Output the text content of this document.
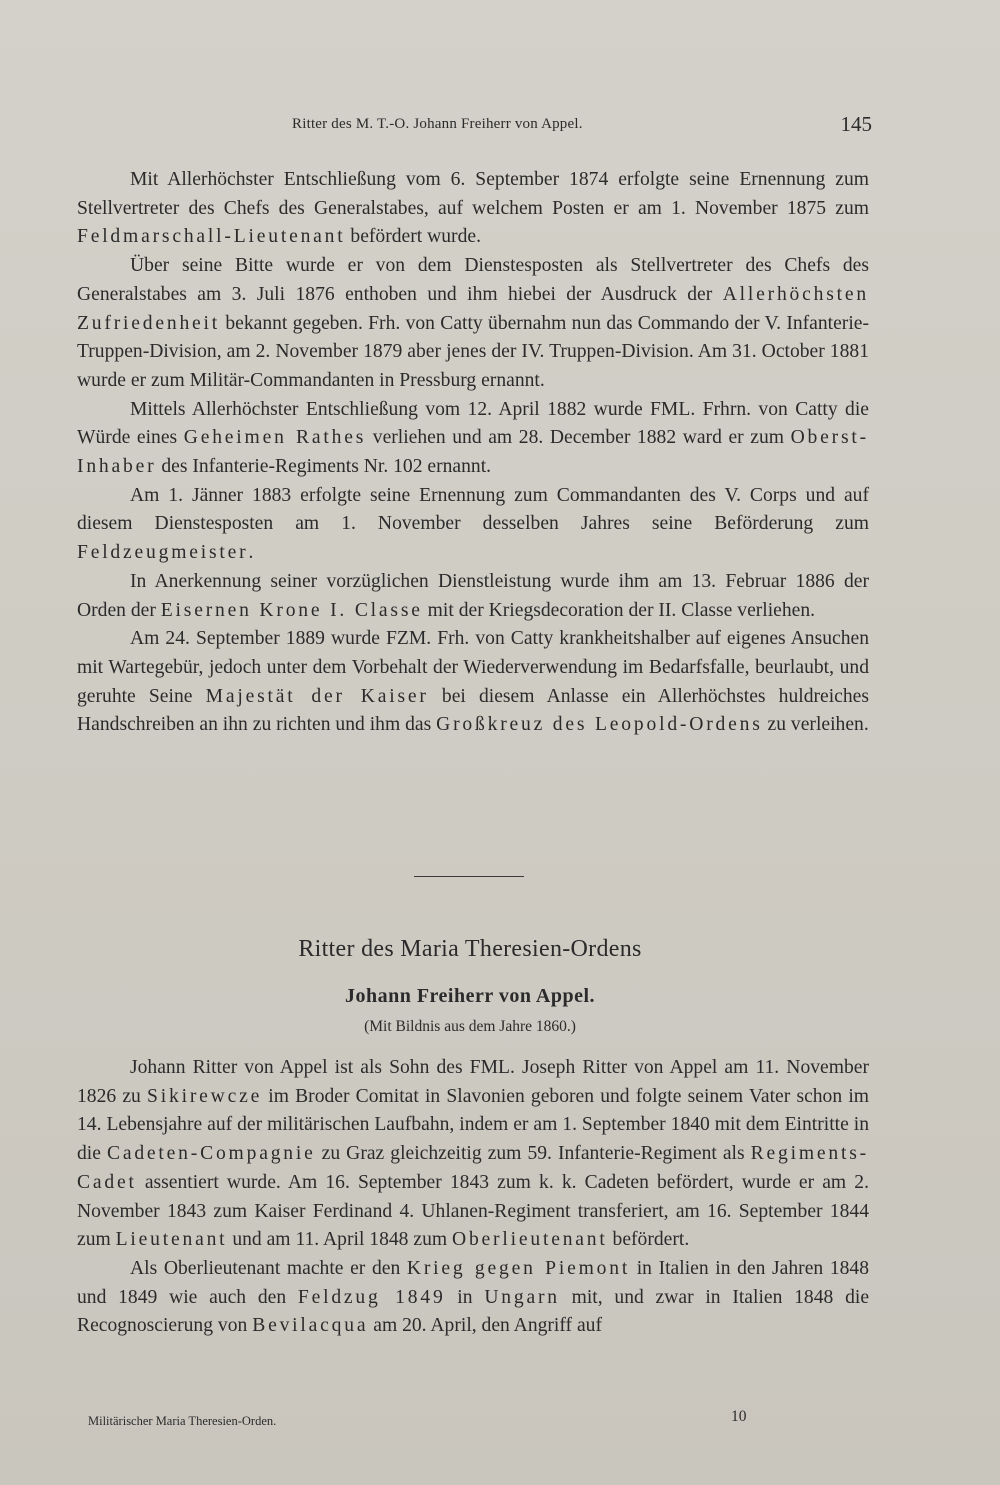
Ritter des M. T.-O. Johann Freiherr von Appel.	145
Mit Allerhöchster Entschließung vom 6. September 1874 erfolgte seine Ernennung zum Stellvertreter des Chefs des Generalstabes, auf welchem Posten er am 1. November 1875 zum Feldmarschall-Lieutenant befördert wurde.
Über seine Bitte wurde er von dem Dienstesposten als Stellvertreter des Chefs des Generalstabes am 3. Juli 1876 enthoben und ihm hiebei der Ausdruck der Allerhöchsten Zufriedenheit bekannt gegeben. Frh. von Catty übernahm nun das Commando der V. Infanterie-Truppen-Division, am 2. November 1879 aber jenes der IV. Truppen-Division. Am 31. October 1881 wurde er zum Militär-Commandanten in Pressburg ernannt.
Mittels Allerhöchster Entschließung vom 12. April 1882 wurde FML. Frhrn. von Catty die Würde eines Geheimen Rathes verliehen und am 28. December 1882 ward er zum Oberst-Inhaber des Infanterie-Regiments Nr. 102 ernannt.
Am 1. Jänner 1883 erfolgte seine Ernennung zum Commandanten des V. Corps und auf diesem Dienstesposten am 1. November desselben Jahres seine Beförderung zum Feldzeugmeister.
In Anerkennung seiner vorzüglichen Dienstleistung wurde ihm am 13. Februar 1886 der Orden der Eisernen Krone I. Classe mit der Kriegsdecoration der II. Classe verliehen.
Am 24. September 1889 wurde FZM. Frh. von Catty krankheitshalber auf eigenes Ansuchen mit Wartegebür, jedoch unter dem Vorbehalt der Wiederverwendung im Bedarfsfalle, beurlaubt, und geruhte Seine Majestät der Kaiser bei diesem Anlasse ein Allerhöchstes huldreiches Handschreiben an ihn zu richten und ihm das Großkreuz des Leopold-Ordens zu verleihen.
Ritter des Maria Theresien-Ordens
Johann Freiherr von Appel.
(Mit Bildnis aus dem Jahre 1860.)
Johann Ritter von Appel ist als Sohn des FML. Joseph Ritter von Appel am 11. November 1826 zu Sikirewcze im Broder Comitat in Slavonien geboren und folgte seinem Vater schon im 14. Lebensjahre auf der militärischen Laufbahn, indem er am 1. September 1840 mit dem Eintritte in die Cadeten-Compagnie zu Graz gleichzeitig zum 59. Infanterie-Regiment als Regiments-Cadet assentiert wurde. Am 16. September 1843 zum k. k. Cadeten befördert, wurde er am 2. November 1843 zum Kaiser Ferdinand 4. Uhlanen-Regiment transferiert, am 16. September 1844 zum Lieutenant und am 11. April 1848 zum Oberlieutenant befördert.
Als Oberlieutenant machte er den Krieg gegen Piemont in Italien in den Jahren 1848 und 1849 wie auch den Feldzug 1849 in Ungarn mit, und zwar in Italien 1848 die Recognoscierung von Bevilacqua am 20. April, den Angriff auf
Militärischer Maria Theresien-Orden.	10
